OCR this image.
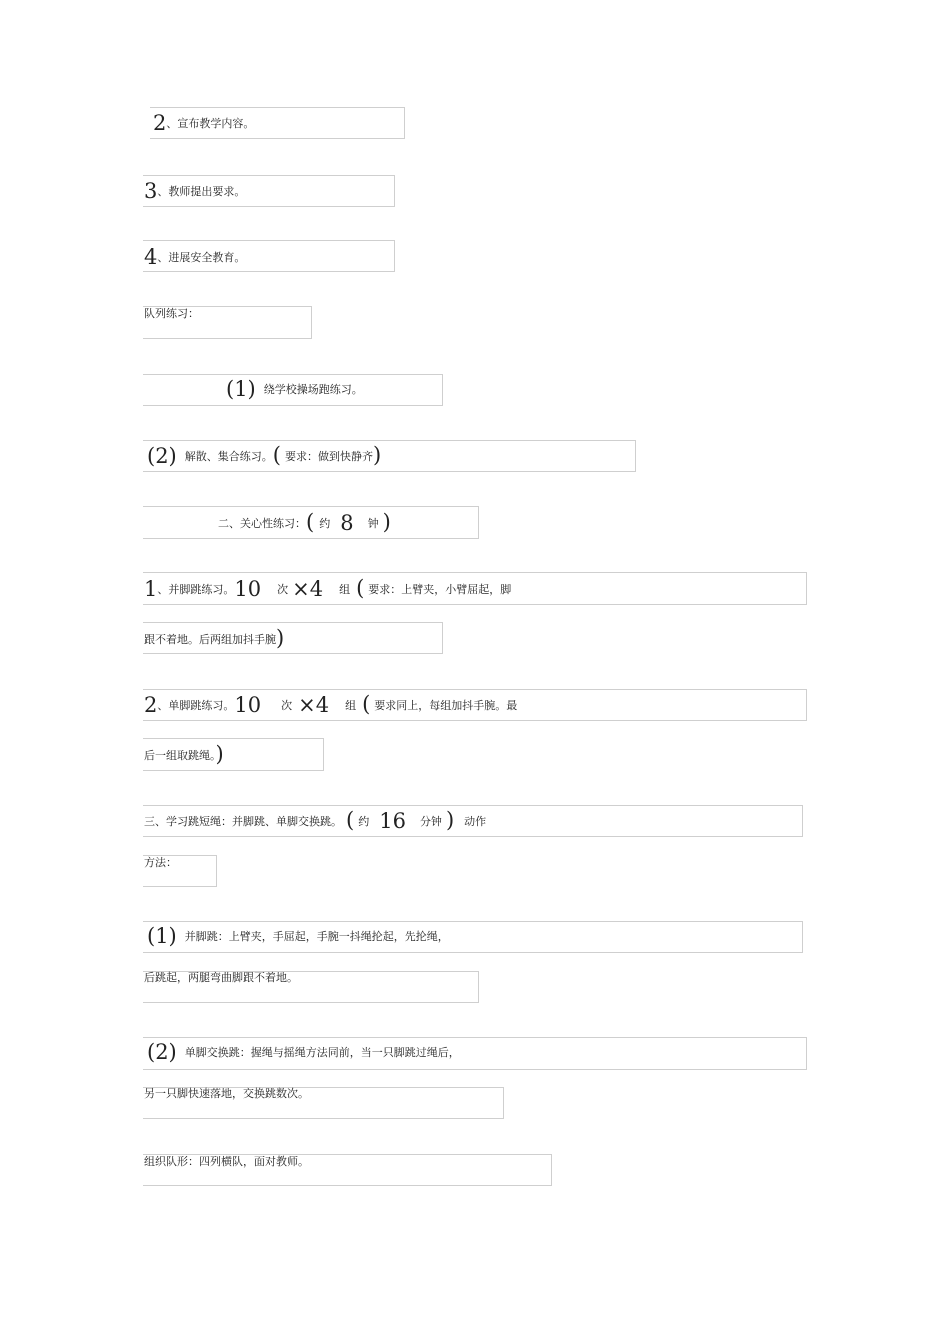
2、宣布教学内容。
3、教师提出要求。
4、进展安全教育。
队列练习：
(1) 绕学校操场跑练习。
(2) 解散、集合练习。( 要求：做到快静齐)
二、关心性练习：( 约 8 钟 )
1、并脚跳练习。10 次 ×4 组 ( 要求：上臂夹，小臂屈起，脚
跟不着地。后两组加抖手腕)
2、单脚跳练习。10 次 ×4 组 ( 要求同上，每组加抖手腕。最
后一组取跳绳。)
三、学习跳短绳：并脚跳、单脚交换跳。 ( 约 16 分钟 ) 动作
方法：
(1) 并脚跳：上臂夹，手屈起，手腕一抖绳抡起，先抡绳，
后跳起，两腿弯曲脚跟不着地。
(2) 单脚交换跳：握绳与摇绳方法同前，当一只脚跳过绳后，
另一只脚快速落地，交换跳数次。
组织队形：四列横队，面对教师。
